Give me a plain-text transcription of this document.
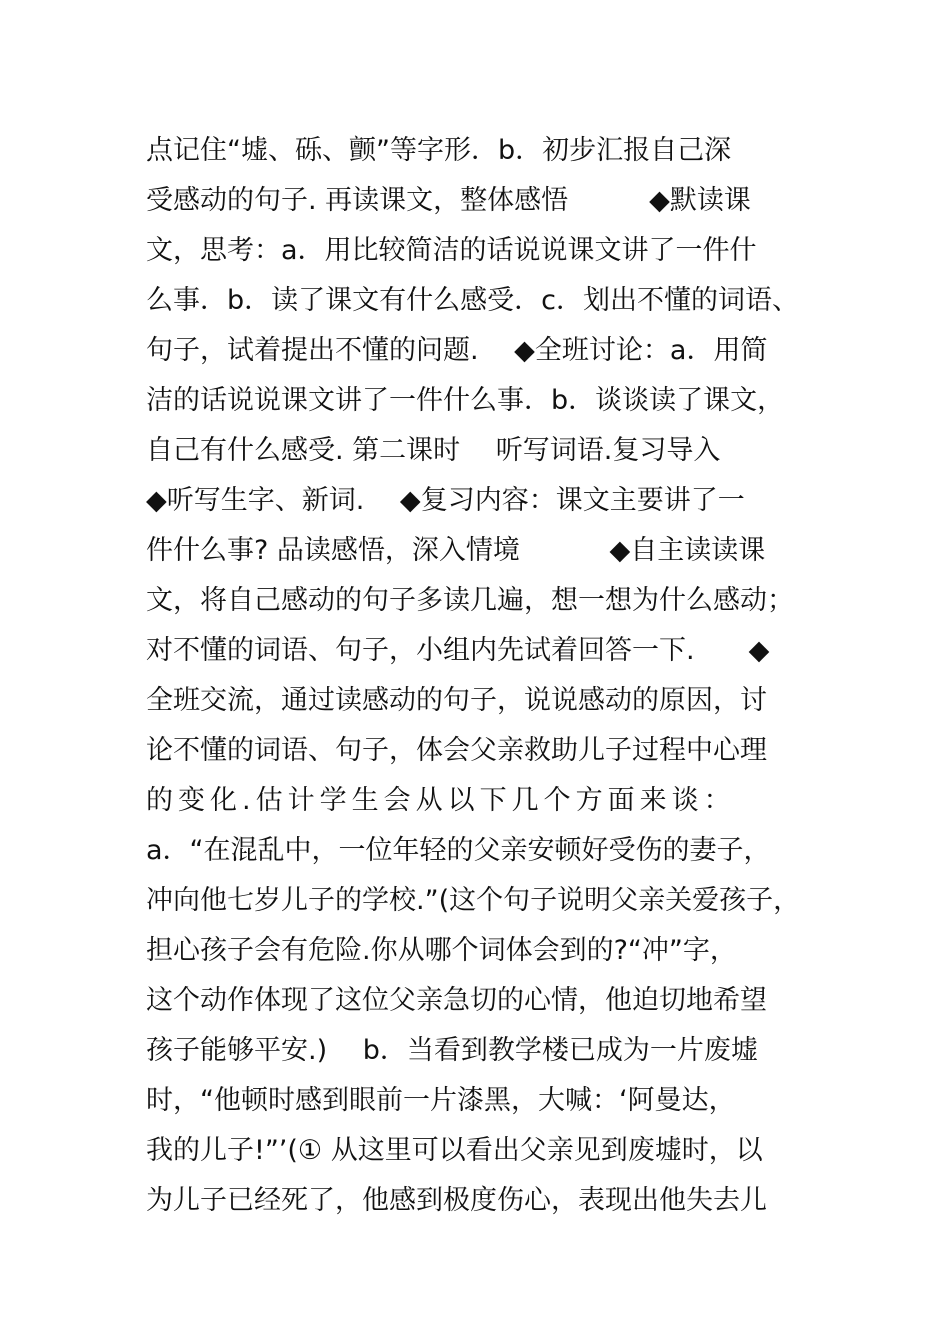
点记住“墟、砾、颤”等字形．b．初步汇报自己深
受感动的句子. 再读课文，整体感悟　　　◆默读课
文，思考：a．用比较简洁的话说说课文讲了一件什
么事．b．读了课文有什么感受．c．划出不懂的词语、
句子，试着提出不懂的问题.　 ◆全班讨论：a．用简
洁的话说说课文讲了一件什么事．b．谈谈读了课文，
自己有什么感受. 第二课时　 听写词语.复习导入
◆听写生字、新词.　 ◆复习内容：课文主要讲了一
件什么事? 品读感悟，深入情境　　　 ◆自主读读课
文，将自己感动的句子多读几遍，想一想为什么感动；
对不懂的词语、句子，小组内先试着回答一下.　　◆
全班交流，通过读感动的句子，说说感动的原因，讨
论不懂的词语、句子，体会父亲救助儿子过程中心理
的变化.估计学生会从以下几个方面来谈：
a．“在混乱中，一位年轻的父亲安顿好受伤的妻子，
冲向他七岁儿子的学校.”(这个句子说明父亲关爱孩子，
担心孩子会有危险.你从哪个词体会到的?“冲”字，
这个动作体现了这位父亲急切的心情，他迫切地希望
孩子能够平安.)　 b．当看到教学楼已成为一片废墟
时，“他顿时感到眼前一片漆黑，大喊：‘阿曼达，
我的儿子!”’(① 从这里可以看出父亲见到废墟时，以
为儿子已经死了，他感到极度伤心，表现出他失去儿
